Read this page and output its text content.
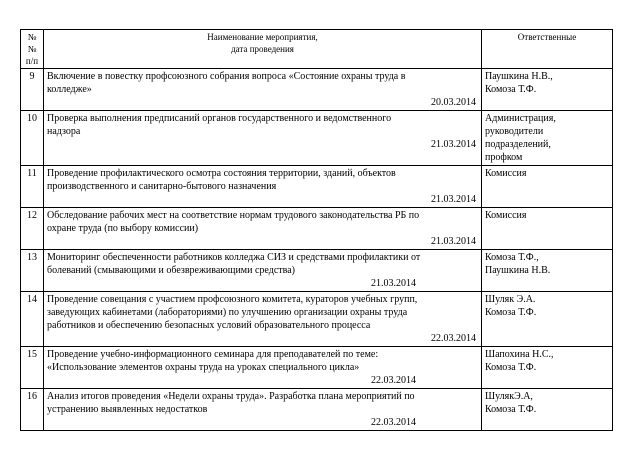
№№
п/п	Наименование мероприятия,
дата проведения	Ответственные
9	Включение в повестку профсоюзного собрания вопроса «Состояние охраны труда в
колледже»
20.03.2014	Паушкина Н.В.,
Комоза Т.Ф.

10	Проверка выполнения предписаний органов государственного и ведомственного
надзора
21.03.2014	Администрация,
руководители
подразделений,
профком

11	Проведение профилактического осмотра состояния территории, зданий, объектов
производственного и санитарно-бытового назначения
21.03.2014	Комиссия

12	Обследование рабочих мест на соответствие нормам трудового законодательства РБ по
охране труда (по выбору комиссии)
21.03.2014	Комиссия

13	Мониторинг обеспеченности работников колледжа СИЗ и средствами профилактики от
болеваний (смывающими и обезвреживающими средства)
21.03.2014	Комоза Т.Ф.,
Паушкина Н.В.

14	Проведение совещания с участием профсоюзного комитета, кураторов учебных групп,
заведующих кабинетами (лабораториями) по улучшению организации охраны труда
работников и обеспечению безопасных условий образовательного процесса
22.03.2014	Шуляк Э.А.
Комоза Т.Ф.

15	Проведение учебно-информационного семинара для преподавателей по теме:
«Использование элементов охраны труда на уроках специального цикла»
22.03.2014	Шапохина Н.С.,
Комоза Т.Ф.

16	Анализ итогов проведения «Недели охраны труда». Разработка плана мероприятий по
устранению выявленных недостатков
22.03.2014	ШулякЭ.А,
Комоза Т.Ф.
